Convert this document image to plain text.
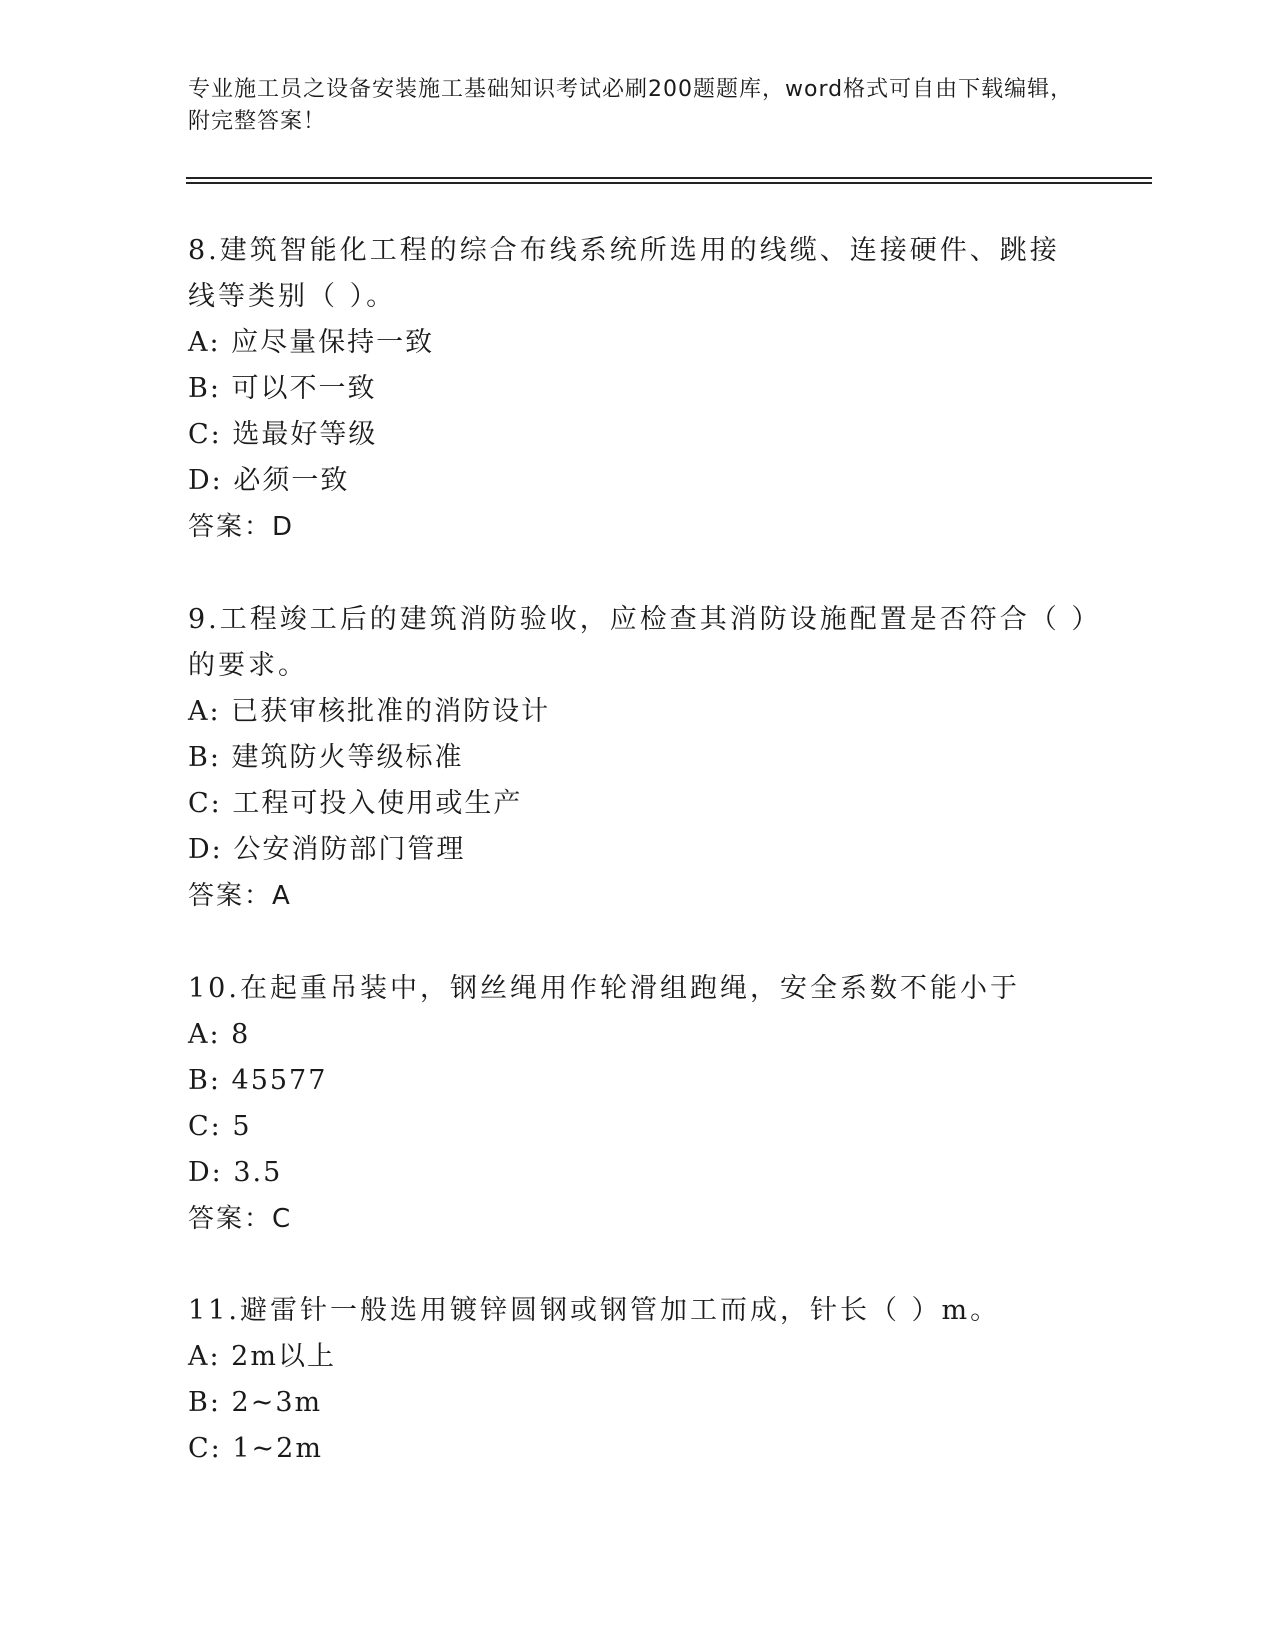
专业施工员之设备安装施工基础知识考试必刷200题题库，word格式可自由下载编辑，附完整答案！
8.建筑智能化工程的综合布线系统所选用的线缆、连接硬件、跳接线等类别（ ）。
A: 应尽量保持一致
B: 可以不一致
C: 选最好等级
D: 必须一致
答案：D
9.工程竣工后的建筑消防验收，应检查其消防设施配置是否符合（ ）的要求。
A: 已获审核批准的消防设计
B: 建筑防火等级标准
C: 工程可投入使用或生产
D: 公安消防部门管理
答案：A
10.在起重吊装中，钢丝绳用作轮滑组跑绳，安全系数不能小于
A: 8
B: 45577
C: 5
D: 3.5
答案：C
11.避雷针一般选用镀锌圆钢或钢管加工而成，针长（ ）m。
A: 2m以上
B: 2~3m
C: 1~2m
